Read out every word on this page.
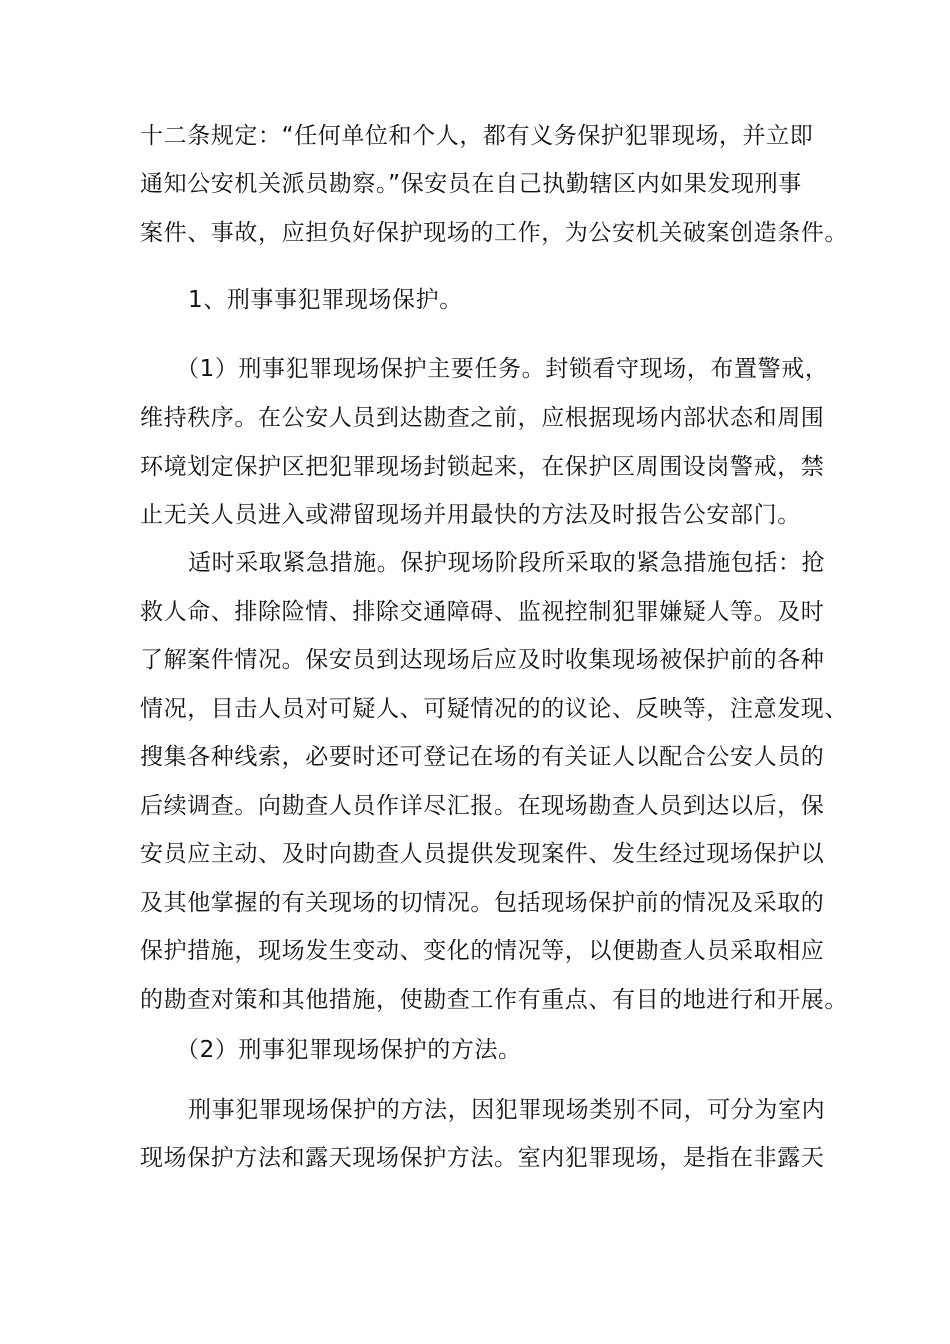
十二条规定：“任何单位和个人，都有义务保护犯罪现场，并立即
通知公安机关派员勘察。”保安员在自己执勤辖区内如果发现刑事
案件、事故，应担负好保护现场的工作，为公安机关破案创造条件。
1、刑事事犯罪现场保护。
（1）刑事犯罪现场保护主要任务。封锁看守现场，布置警戒，
维持秩序。在公安人员到达勘查之前，应根据现场内部状态和周围
环境划定保护区把犯罪现场封锁起来，在保护区周围设岗警戒，禁
止无关人员进入或滞留现场并用最快的方法及时报告公安部门。
适时采取紧急措施。保护现场阶段所采取的紧急措施包括：抢
救人命、排除险情、排除交通障碍、监视控制犯罪嫌疑人等。及时
了解案件情况。保安员到达现场后应及时收集现场被保护前的各种
情况，目击人员对可疑人、可疑情况的的议论、反映等，注意发现、
搜集各种线索，必要时还可登记在场的有关证人以配合公安人员的
后续调查。向勘查人员作详尽汇报。在现场勘查人员到达以后，保
安员应主动、及时向勘查人员提供发现案件、发生经过现场保护以
及其他掌握的有关现场的切情况。包括现场保护前的情况及采取的
保护措施，现场发生变动、变化的情况等，以便勘查人员采取相应
的勘查对策和其他措施，使勘查工作有重点、有目的地进行和开展。
（2）刑事犯罪现场保护的方法。
刑事犯罪现场保护的方法，因犯罪现场类别不同，可分为室内
现场保护方法和露天现场保护方法。室内犯罪现场，是指在非露天
